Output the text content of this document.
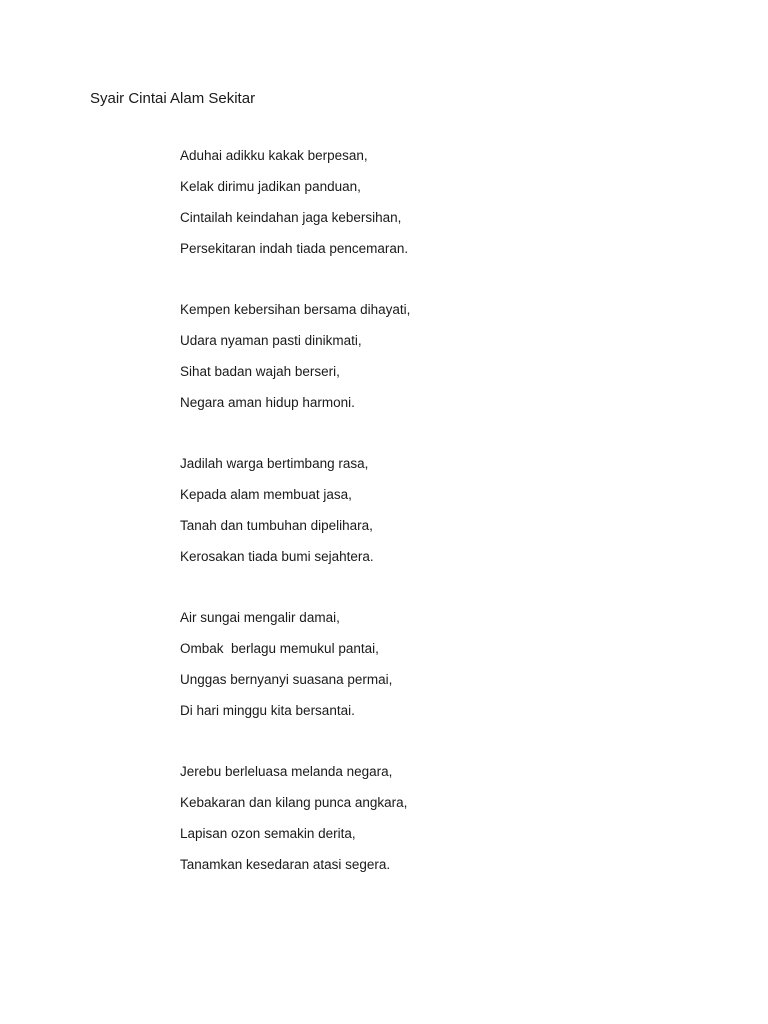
Syair Cintai Alam Sekitar
Aduhai adikku kakak berpesan,
Kelak dirimu jadikan panduan,
Cintailah keindahan jaga kebersihan,
Persekitaran indah tiada pencemaran.
Kempen kebersihan bersama dihayati,
Udara nyaman pasti dinikmati,
Sihat badan wajah berseri,
Negara aman hidup harmoni.
Jadilah warga bertimbang rasa,
Kepada alam membuat jasa,
Tanah dan tumbuhan dipelihara,
Kerosakan tiada bumi sejahtera.
Air sungai mengalir damai,
Ombak  berlagu memukul pantai,
Unggas bernyanyi suasana permai,
Di hari minggu kita bersantai.
Jerebu berleluasa melanda negara,
Kebakaran dan kilang punca angkara,
Lapisan ozon semakin derita,
Tanamkan kesedaran atasi segera.
